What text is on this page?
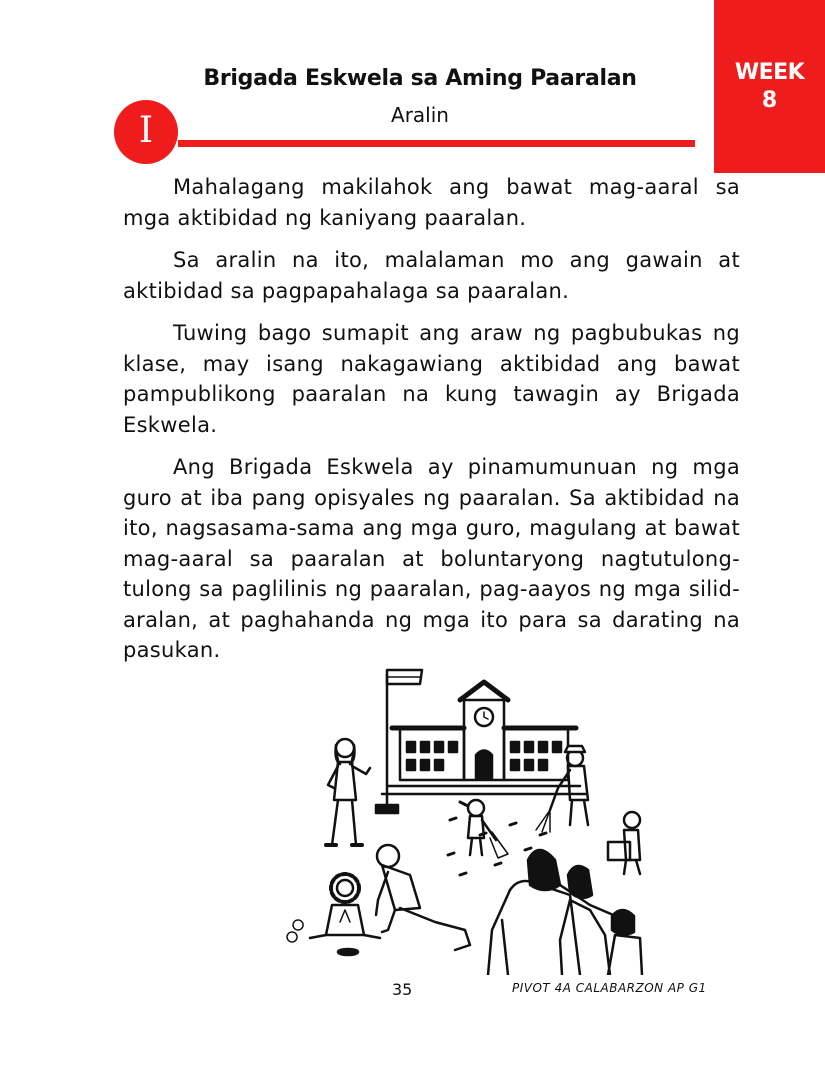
WEEK
8
Brigada Eskwela sa Aming Paaralan
Aralin
I

Mahalagang makilahok ang bawat mag-aaral sa mga aktibidad ng kaniyang paaralan.

Sa aralin na ito, malalaman mo ang gawain at aktibidad sa pagpapahalaga sa paaralan.

Tuwing bago sumapit ang araw ng pagbubukas ng klase, may isang nakagawiang aktibidad ang bawat pampublikong paaralan na kung tawagin ay Brigada Eskwela.

Ang Brigada Eskwela ay pinamumunuan ng mga guro at iba pang opisyales ng paaralan. Sa aktibidad na ito, nagsasama-sama ang mga guro, magulang at bawat mag-aaral sa paaralan at boluntaryong nagtutulong-tulong sa paglilinis ng paaralan, pag-aayos ng mga silid-aralan, at paghahanda ng mga ito para sa darating na pasukan.

35	PIVOT 4A CALABARZON AP G1
